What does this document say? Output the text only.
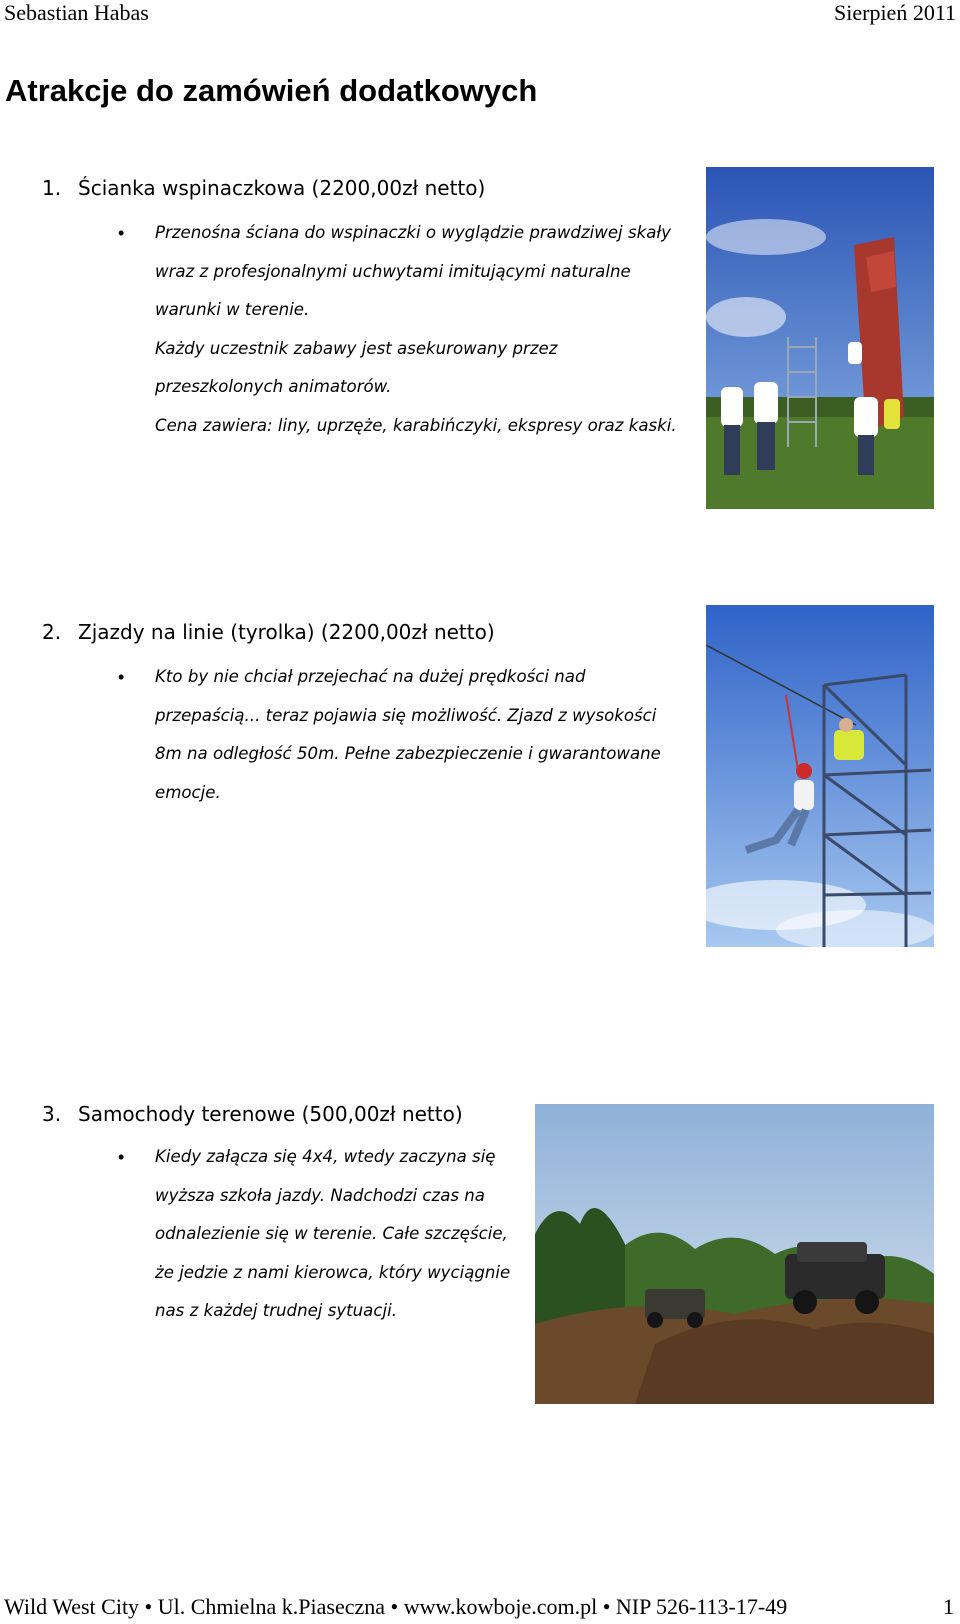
Sebastian Habas	Sierpień 2011
Atrakcje do zamówień dodatkowych
1. Ścianka wspinaczkowa (2200,00zł netto)
• Przenośna ściana do wspinaczki o wyglądzie prawdziwej skały
wraz z profesjonalnymi uchwytami imitującymi naturalne
warunki w terenie.
Każdy uczestnik zabawy jest asekurowany przez
przeszkolonych animatorów.
Cena zawiera: liny, uprzęże, karabińczyki, ekspresy oraz kaski.
2. Zjazdy na linie (tyrolka) (2200,00zł netto)
• Kto by nie chciał przejechać na dużej prędkości nad
przepaścią... teraz pojawia się możliwość. Zjazd z wysokości
8m na odległość 50m. Pełne zabezpieczenie i gwarantowane
emocje.
3. Samochody terenowe (500,00zł netto)
• Kiedy załącza się 4x4, wtedy zaczyna się
wyższa szkoła jazdy. Nadchodzi czas na
odnalezienie się w terenie. Całe szczęście,
że jedzie z nami kierowca, który wyciągnie
nas z każdej trudnej sytuacji.
Wild West City • Ul. Chmielna k.Piaseczna • www.kowboje.com.pl • NIP 526-113-17-49	1
